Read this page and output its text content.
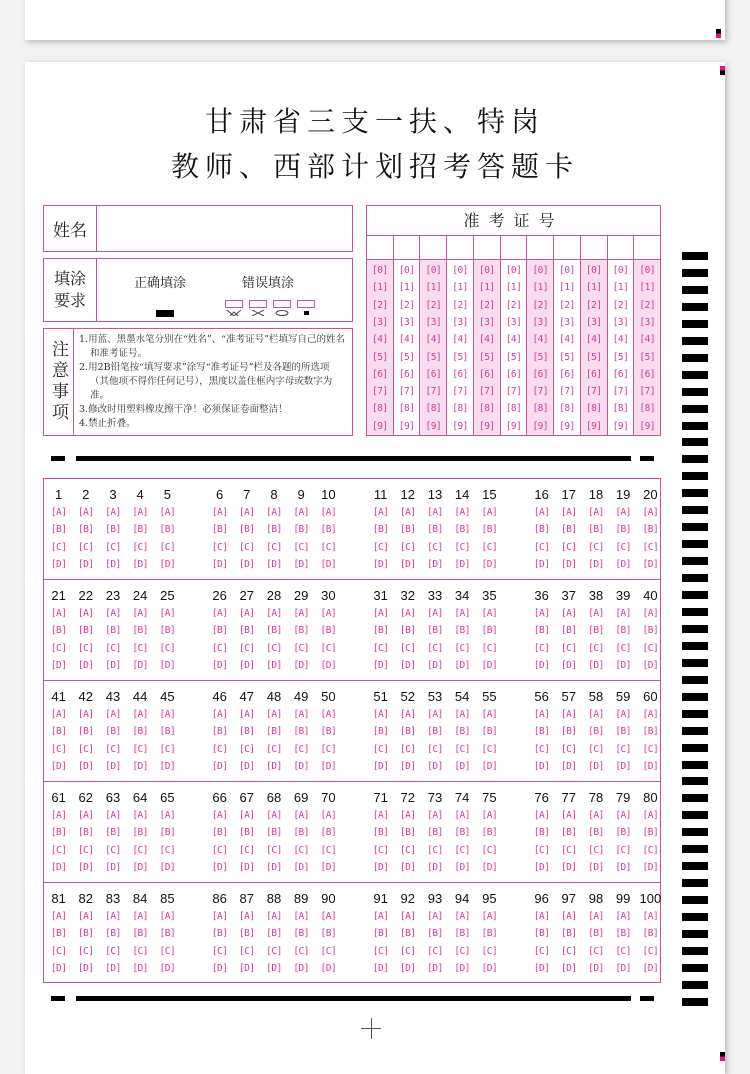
甘肃省三支一扶、特岗
教师、西部计划招考答题卡
姓名
填涂要求
正确填涂	错误填涂
注意事项
1.用蓝、黑墨水笔分别在“姓名”、“准考证号”栏填写自己的姓名和准考证号。
2.用2B铅笔按“填写要求”涂写“准考证号”栏及各题的所选项（其他项不得作任何记号），黑度以盖住框内字母或数字为准。
3.修改时用塑料橡皮擦干净！必须保证卷面整洁！
4.禁止折叠。
准考证号
[0]
[1]
[2]
[3]
[4]
[5]
[6]
[7]
[8]
[9]
[0]
[1]
[2]
[3]
[4]
[5]
[6]
[7]
[8]
[9]
[0]
[1]
[2]
[3]
[4]
[5]
[6]
[7]
[8]
[9]
[0]
[1]
[2]
[3]
[4]
[5]
[6]
[7]
[8]
[9]
[0]
[1]
[2]
[3]
[4]
[5]
[6]
[7]
[8]
[9]
[0]
[1]
[2]
[3]
[4]
[5]
[6]
[7]
[8]
[9]
[0]
[1]
[2]
[3]
[4]
[5]
[6]
[7]
[8]
[9]
[0]
[1]
[2]
[3]
[4]
[5]
[6]
[7]
[8]
[9]
[0]
[1]
[2]
[3]
[4]
[5]
[6]
[7]
[8]
[9]
[0]
[1]
[2]
[3]
[4]
[5]
[6]
[7]
[8]
[9]
[0]
[1]
[2]
[3]
[4]
[5]
[6]
[7]
[8]
[9]
1
[A]
[B]
[C]
[D]
2
[A]
[B]
[C]
[D]
3
[A]
[B]
[C]
[D]
4
[A]
[B]
[C]
[D]
5
[A]
[B]
[C]
[D]
6
[A]
[B]
[C]
[D]
7
[A]
[B]
[C]
[D]
8
[A]
[B]
[C]
[D]
9
[A]
[B]
[C]
[D]
10
[A]
[B]
[C]
[D]
11
[A]
[B]
[C]
[D]
12
[A]
[B]
[C]
[D]
13
[A]
[B]
[C]
[D]
14
[A]
[B]
[C]
[D]
15
[A]
[B]
[C]
[D]
16
[A]
[B]
[C]
[D]
17
[A]
[B]
[C]
[D]
18
[A]
[B]
[C]
[D]
19
[A]
[B]
[C]
[D]
20
[A]
[B]
[C]
[D]
21
[A]
[B]
[C]
[D]
22
[A]
[B]
[C]
[D]
23
[A]
[B]
[C]
[D]
24
[A]
[B]
[C]
[D]
25
[A]
[B]
[C]
[D]
26
[A]
[B]
[C]
[D]
27
[A]
[B]
[C]
[D]
28
[A]
[B]
[C]
[D]
29
[A]
[B]
[C]
[D]
30
[A]
[B]
[C]
[D]
31
[A]
[B]
[C]
[D]
32
[A]
[B]
[C]
[D]
33
[A]
[B]
[C]
[D]
34
[A]
[B]
[C]
[D]
35
[A]
[B]
[C]
[D]
36
[A]
[B]
[C]
[D]
37
[A]
[B]
[C]
[D]
38
[A]
[B]
[C]
[D]
39
[A]
[B]
[C]
[D]
40
[A]
[B]
[C]
[D]
41
[A]
[B]
[C]
[D]
42
[A]
[B]
[C]
[D]
43
[A]
[B]
[C]
[D]
44
[A]
[B]
[C]
[D]
45
[A]
[B]
[C]
[D]
46
[A]
[B]
[C]
[D]
47
[A]
[B]
[C]
[D]
48
[A]
[B]
[C]
[D]
49
[A]
[B]
[C]
[D]
50
[A]
[B]
[C]
[D]
51
[A]
[B]
[C]
[D]
52
[A]
[B]
[C]
[D]
53
[A]
[B]
[C]
[D]
54
[A]
[B]
[C]
[D]
55
[A]
[B]
[C]
[D]
56
[A]
[B]
[C]
[D]
57
[A]
[B]
[C]
[D]
58
[A]
[B]
[C]
[D]
59
[A]
[B]
[C]
[D]
60
[A]
[B]
[C]
[D]
61
[A]
[B]
[C]
[D]
62
[A]
[B]
[C]
[D]
63
[A]
[B]
[C]
[D]
64
[A]
[B]
[C]
[D]
65
[A]
[B]
[C]
[D]
66
[A]
[B]
[C]
[D]
67
[A]
[B]
[C]
[D]
68
[A]
[B]
[C]
[D]
69
[A]
[B]
[C]
[D]
70
[A]
[B]
[C]
[D]
71
[A]
[B]
[C]
[D]
72
[A]
[B]
[C]
[D]
73
[A]
[B]
[C]
[D]
74
[A]
[B]
[C]
[D]
75
[A]
[B]
[C]
[D]
76
[A]
[B]
[C]
[D]
77
[A]
[B]
[C]
[D]
78
[A]
[B]
[C]
[D]
79
[A]
[B]
[C]
[D]
80
[A]
[B]
[C]
[D]
81
[A]
[B]
[C]
[D]
82
[A]
[B]
[C]
[D]
83
[A]
[B]
[C]
[D]
84
[A]
[B]
[C]
[D]
85
[A]
[B]
[C]
[D]
86
[A]
[B]
[C]
[D]
87
[A]
[B]
[C]
[D]
88
[A]
[B]
[C]
[D]
89
[A]
[B]
[C]
[D]
90
[A]
[B]
[C]
[D]
91
[A]
[B]
[C]
[D]
92
[A]
[B]
[C]
[D]
93
[A]
[B]
[C]
[D]
94
[A]
[B]
[C]
[D]
95
[A]
[B]
[C]
[D]
96
[A]
[B]
[C]
[D]
97
[A]
[B]
[C]
[D]
98
[A]
[B]
[C]
[D]
99
[A]
[B]
[C]
[D]
100
[A]
[B]
[C]
[D]
